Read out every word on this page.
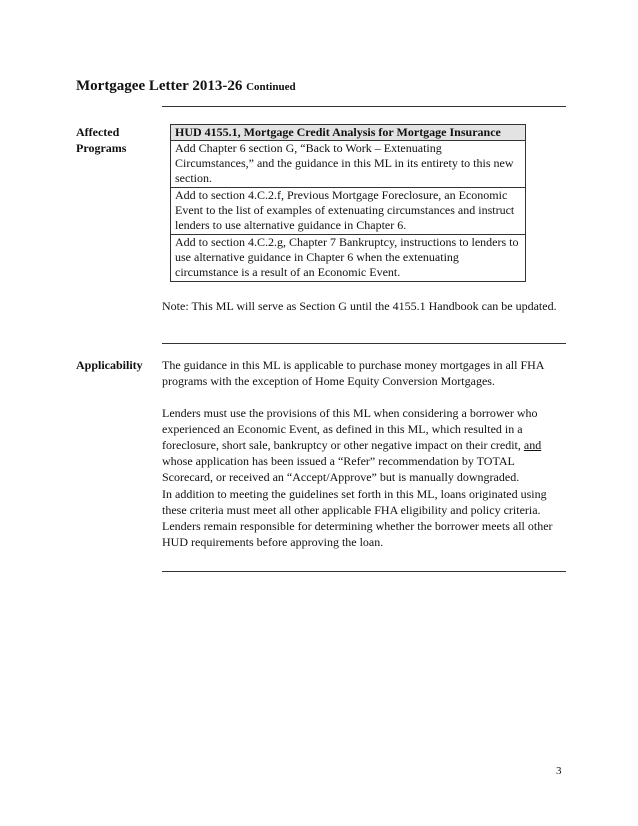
Mortgagee Letter 2013-26 Continued
Affected
Programs
HUD 4155.1, Mortgage Credit Analysis for Mortgage Insurance
Add Chapter 6 section G, “Back to Work – Extenuating Circumstances,” and the guidance in this ML in its entirety to this new section.
Add to section 4.C.2.f, Previous Mortgage Foreclosure, an Economic Event to the list of examples of extenuating circumstances and instruct lenders to use alternative guidance in Chapter 6.
Add to section 4.C.2.g, Chapter 7 Bankruptcy, instructions to lenders to use alternative guidance in Chapter 6 when the extenuating circumstance is a result of an Economic Event.
Note: This ML will serve as Section G until the 4155.1 Handbook can be updated.
Applicability The guidance in this ML is applicable to purchase money mortgages in all FHA programs with the exception of Home Equity Conversion Mortgages.
Lenders must use the provisions of this ML when considering a borrower who experienced an Economic Event, as defined in this ML, which resulted in a foreclosure, short sale, bankruptcy or other negative impact on their credit, and whose application has been issued a “Refer” recommendation by TOTAL Scorecard, or received an “Accept/Approve” but is manually downgraded.
In addition to meeting the guidelines set forth in this ML, loans originated using these criteria must meet all other applicable FHA eligibility and policy criteria. Lenders remain responsible for determining whether the borrower meets all other HUD requirements before approving the loan.
3
